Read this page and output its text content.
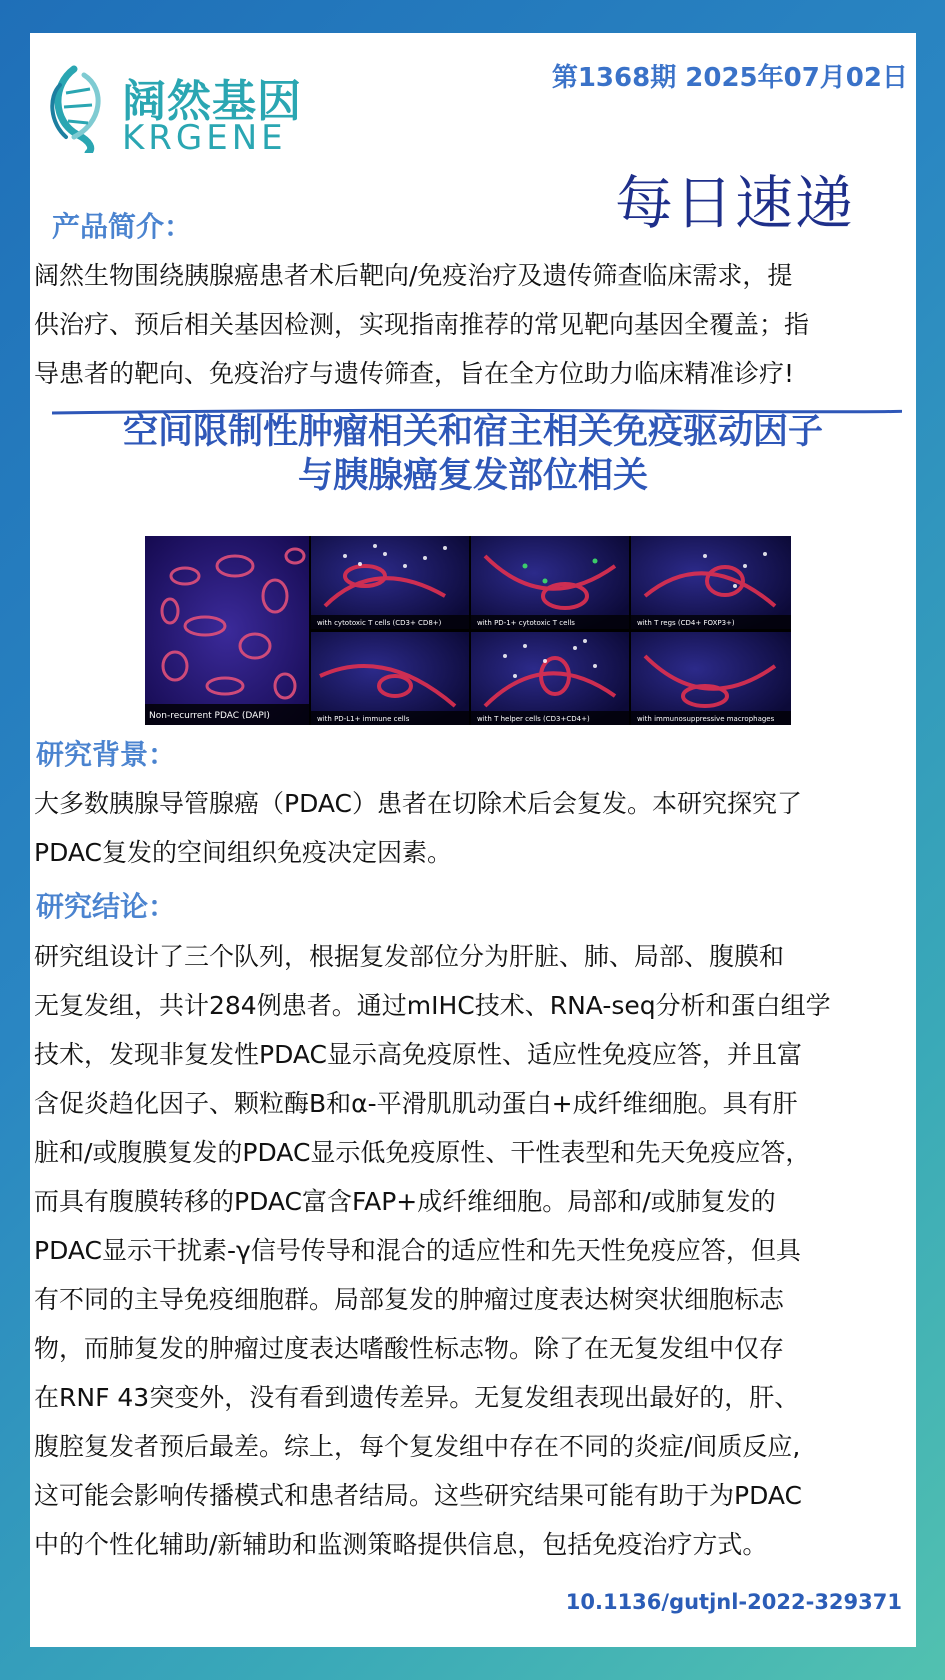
阔然基因
KRGENE
第1368期 2025年07月02日
每日速递
产品简介：
阔然生物围绕胰腺癌患者术后靶向/免疫治疗及遗传筛查临床需求，提
供治疗、预后相关基因检测，实现指南推荐的常见靶向基因全覆盖；指
导患者的靶向、免疫治疗与遗传筛查，旨在全方位助力临床精准诊疗!
空间限制性肿瘤相关和宿主相关免疫驱动因子
与胰腺癌复发部位相关
Non-recurrent PDAC (DAPI)
with cytotoxic T cells (CD3+ CD8+)	with PD-1+ cytotoxic T cells	with T regs (CD4+ FOXP3+)
with PD-L1+ immune cells	with T helper cells (CD3+CD4+)	with immunosuppressive macrophages
研究背景：
大多数胰腺导管腺癌（PDAC）患者在切除术后会复发。本研究探究了
PDAC复发的空间组织免疫决定因素。
研究结论：
研究组设计了三个队列，根据复发部位分为肝脏、肺、局部、腹膜和
无复发组，共计284例患者。通过mIHC技术、RNA-seq分析和蛋白组学
技术，发现非复发性PDAC显示高免疫原性、适应性免疫应答，并且富
含促炎趋化因子、颗粒酶B和α-平滑肌肌动蛋白+成纤维细胞。具有肝
脏和/或腹膜复发的PDAC显示低免疫原性、干性表型和先天免疫应答，
而具有腹膜转移的PDAC富含FAP+成纤维细胞。局部和/或肺复发的
PDAC显示干扰素-γ信号传导和混合的适应性和先天性免疫应答，但具
有不同的主导免疫细胞群。局部复发的肿瘤过度表达树突状细胞标志
物，而肺复发的肿瘤过度表达嗜酸性标志物。除了在无复发组中仅存
在RNF 43突变外，没有看到遗传差异。无复发组表现出最好的，肝、
腹腔复发者预后最差。综上，每个复发组中存在不同的炎症/间质反应,
这可能会影响传播模式和患者结局。这些研究结果可能有助于为PDAC
中的个性化辅助/新辅助和监测策略提供信息，包括免疫治疗方式。
10.1136/gutjnl-2022-329371
